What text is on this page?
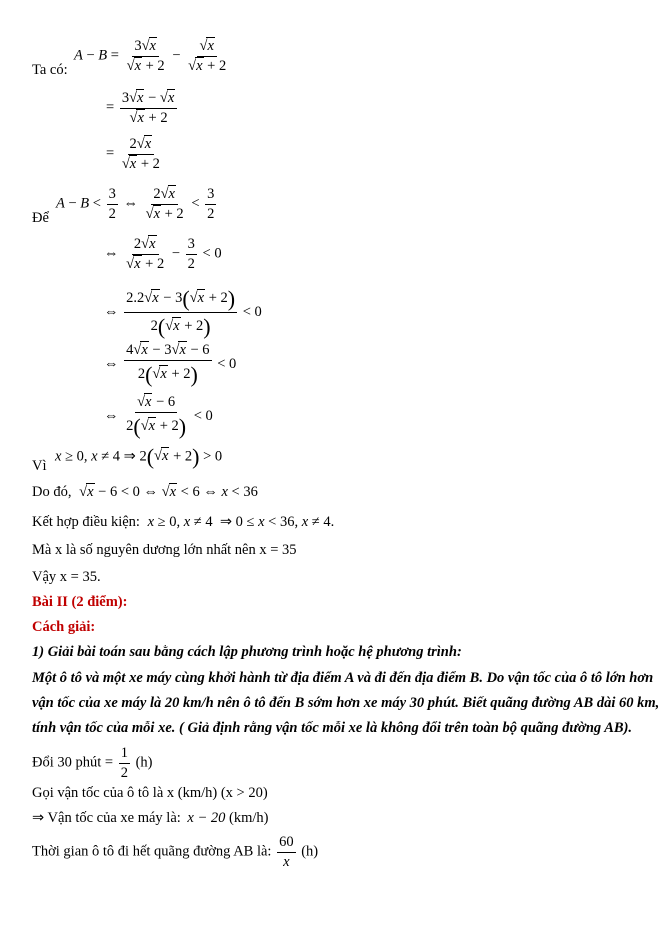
Ta có:
$A - B = \frac{3√x}{√x + 2} - \frac{√x}{√x + 2}$
= $\frac{3√x - √x}{√x + 2}$
= $\frac{2√x}{√x + 2}$
Để
$A - B < \frac{3}{2}$ ⇔ $\frac{2√x}{√x + 2} < \frac{3}{2}$
⇔ $\frac{2√x}{√x + 2} - \frac{3}{2} < 0$
⇔ $\frac{2.2√x - 3(√x + 2)}{2(√x + 2)} < 0$
⇔ $\frac{4√x - 3√x - 6}{2(√x + 2)} < 0$
⇔ $\frac{√x - 6}{2(√x + 2)} < 0$
Vì
x ≥ 0, x ≠ 4 ⇒ 2(√x + 2) > 0
Do đó, √x − 6 < 0 ⇔ √x < 6 ⇔ x < 36
Kết hợp điều kiện: x ≥ 0, x ≠ 4  ⇒ 0 ≤ x < 36, x ≠ 4.
Mà x là số nguyên dương lớn nhất nên x = 35
Vậy x = 35.
Bài II (2 điểm):
Cách giải:
1) Giải bài toán sau bằng cách lập phương trình hoặc hệ phương trình:
Một ô tô và một xe máy cùng khởi hành từ địa điểm A và đi đến địa điểm B. Do vận tốc của ô tô lớn hơn
vận tốc của xe máy là 20 km/h nên ô tô đến B sớm hơn xe máy 30 phút. Biết quãng đường AB dài 60 km,
tính vận tốc của mỗi xe. ( Giả định rằng vận tốc mỗi xe là không đổi trên toàn bộ quãng đường AB).
Đổi 30 phút = $\frac{1}{2} (h)$
Gọi vận tốc của ô tô là x (km/h) (x > 20)
⇒ Vận tốc của xe máy là: x − 20 (km/h)
Thời gian ô tô đi hết quãng đường AB là: $\frac{60}{x} (h)$
